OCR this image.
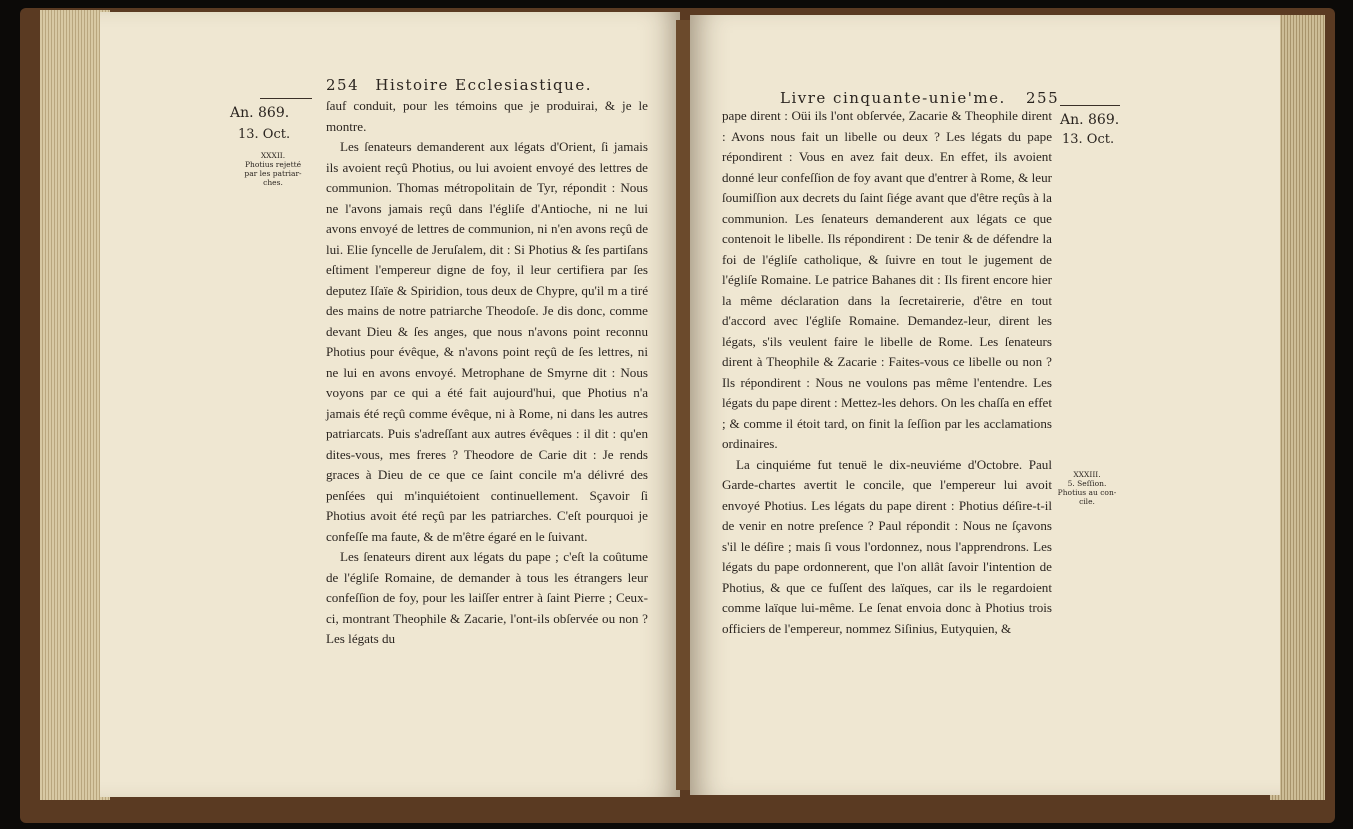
254 Histoire Ecclesiastique.
An. 869.
13. Oct.
XXXII.
Photius rejetté
par les patriar-
ches.

ſauf conduit, pour les témoins que je produirai, & je le montre.

Les ſenateurs demanderent aux légats d'Orient, ſi jamais ils avoient reçû Photius, ou lui avoient envoyé des lettres de communion. Thomas métropolitain de Tyr, répondit : Nous ne l'avons jamais reçû dans l'égliſe d'Antioche, ni ne lui avons envoyé de lettres de communion, ni n'en avons reçû de lui. Elie ſyncelle de Jeruſalem, dit : Si Photius & ſes partiſans eſtiment l'empereur digne de foy, il leur certifiera par ſes deputez Iſaïe & Spiridion, tous deux de Chypre, qu'il m a tiré des mains de notre patriarche Theodoſe. Je dis donc, comme devant Dieu & ſes anges, que nous n'avons point reconnu Photius pour évêque, & n'avons point reçû de ſes lettres, ni ne lui en avons envoyé. Metrophane de Smyrne dit : Nous voyons par ce qui a été fait aujourd'hui, que Photius n'a jamais été reçû comme évêque, ni à Rome, ni dans les autres patriarcats. Puis s'adreſſant aux autres évêques : il dit : qu'en dites-vous, mes freres ? Theodore de Carie dit : Je rends graces à Dieu de ce que ce ſaint concile m'a délivré des penſées qui m'inquiétoient continuellement. Sçavoir ſi Photius avoit été reçû par les patriarches. C'eſt pourquoi je confeſſe ma faute, & de m'être égaré en le ſuivant.

Les ſenateurs dirent aux légats du pape ; c'eſt la coûtume de l'égliſe Romaine, de demander à tous les étrangers leur confeſſion de foy, pour les laiſſer entrer à ſaint Pierre ; Ceux-ci, montrant Theophile & Zacarie, l'ont-ils obſervée ou non ? Les légats du

Livre cinquante-unie'me. 255
An. 869.
13. Oct.
XXXIII.
5. Seſſion.
Photius au con-
cile.

pape dirent : Oüi ils l'ont obſervée, Zacarie & Theophile dirent : Avons nous fait un libelle ou deux ? Les légats du pape répondirent : Vous en avez fait deux. En effet, ils avoient donné leur confeſſion de foy avant que d'entrer à Rome, & leur ſoumiſſion aux decrets du ſaint ſiége avant que d'être reçûs à la communion. Les ſenateurs demanderent aux légats ce que contenoit le libelle. Ils répondirent : De tenir & de défendre la foi de l'égliſe catholique, & ſuivre en tout le jugement de l'égliſe Romaine. Le patrice Bahanes dit : Ils firent encore hier la même déclaration dans la ſecretairerie, d'être en tout d'accord avec l'égliſe Romaine. Demandez-leur, dirent les légats, s'ils veulent faire le libelle de Rome. Les ſenateurs dirent à Theophile & Zacarie : Faites-vous ce libelle ou non ? Ils répondirent : Nous ne voulons pas même l'entendre. Les légats du pape dirent : Mettez-les dehors. On les chaſſa en effet ; & comme il étoit tard, on finit la ſeſſion par les acclamations ordinaires.

La cinquiéme fut tenuë le dix-neuviéme d'Octobre. Paul Garde-chartes avertit le concile, que l'empereur lui avoit envoyé Photius. Les légats du pape dirent : Photius déſire-t-il de venir en notre preſence ? Paul répondit : Nous ne ſçavons s'il le déſire ; mais ſi vous l'ordonnez, nous l'apprendrons. Les légats du pape ordonnerent, que l'on allât ſavoir l'intention de Photius, & que ce fuſſent des laïques, car ils le regardoient comme laïque lui-même. Le ſenat envoia donc à Photius trois officiers de l'empereur, nommez Siſinius, Eutyquien, &
